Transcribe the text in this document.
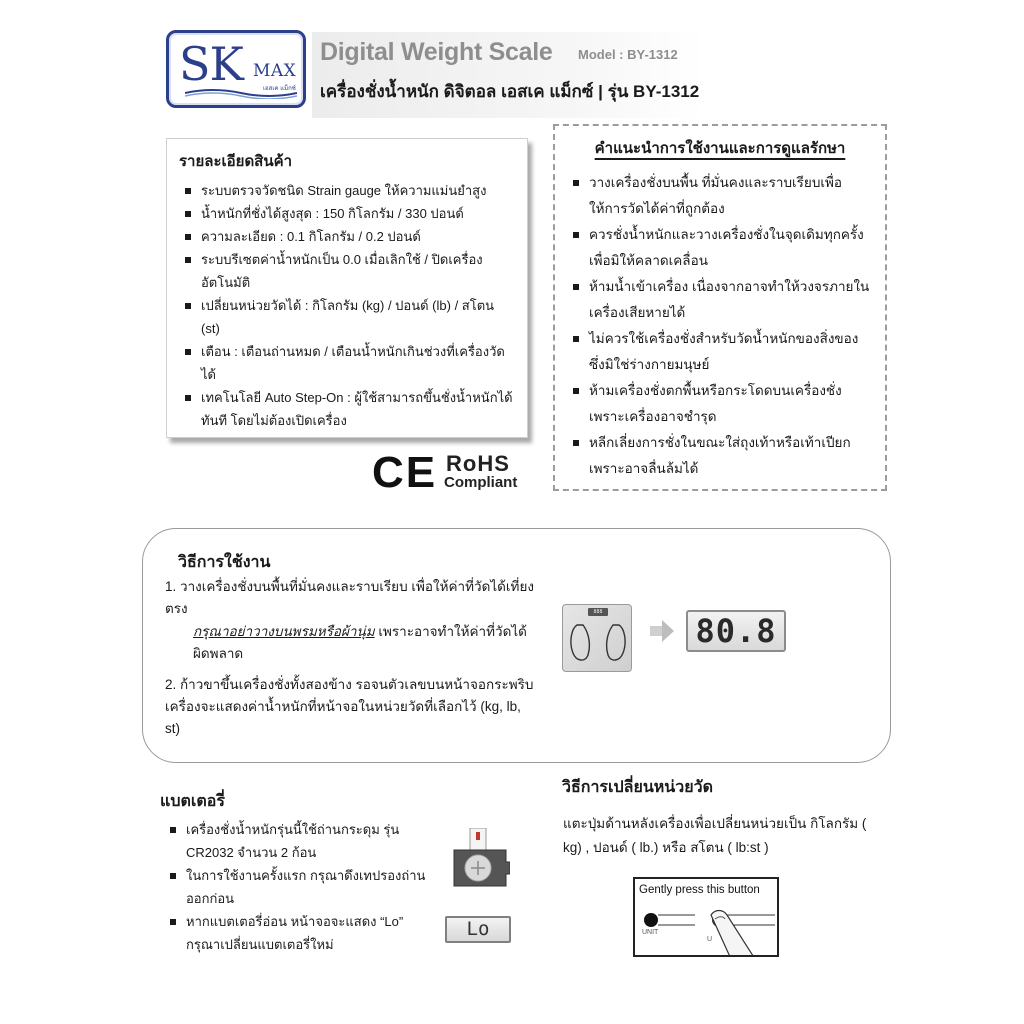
SK MAX
เอสเค แม็กซ์
Digital Weight Scale Model : BY-1312
เครื่องชั่งน้ำหนัก ดิจิตอล เอสเค แม็กซ์ | รุ่น BY-1312
รายละเอียดสินค้า
ระบบตรวจวัดชนิด Strain gauge ให้ความแม่นยำสูง
น้ำหนักที่ชั่งได้สูงสุด : 150 กิโลกรัม / 330 ปอนด์
ความละเอียด : 0.1 กิโลกรัม / 0.2 ปอนด์
ระบบรีเซตค่าน้ำหนักเป็น 0.0 เมื่อเลิกใช้ / ปิดเครื่องอัตโนมัติ
เปลี่ยนหน่วยวัดได้ : กิโลกรัม (kg) / ปอนด์ (lb) / สโตน (st)
เตือน : เตือนถ่านหมด / เตือนน้ำหนักเกินช่วงที่เครื่องวัดได้
เทคโนโลยี Auto Step-On : ผู้ใช้สามารถขึ้นชั่งน้ำหนักได้ทันที โดยไม่ต้องเปิดเครื่อง
คำแนะนำการใช้งานและการดูแลรักษา
วางเครื่องชั่งบนพื้น ที่มั่นคงและราบเรียบเพื่อให้การวัดได้ค่าที่ถูกต้อง
ควรชั่งน้ำหนักและวางเครื่องชั่งในจุดเดิมทุกครั้งเพื่อมิให้คลาดเคลื่อน
ห้ามน้ำเข้าเครื่อง เนื่องจากอาจทำให้วงจรภายในเครื่องเสียหายได้
ไม่ควรใช้เครื่องชั่งสำหรับวัดน้ำหนักของสิ่งของซึ่งมิใช่ร่างกายมนุษย์
ห้ามเครื่องชั่งตกพื้นหรือกระโดดบนเครื่องชั่งเพราะเครื่องอาจชำรุด
หลีกเลี่ยงการชั่งในขณะใส่ถุงเท้าหรือเท้าเปียกเพราะอาจลื่นล้มได้
CE RoHS
Compliant
วิธีการใช้งาน
1. วางเครื่องชั่งบนพื้นที่มั่นคงและราบเรียบ เพื่อให้ค่าที่วัดได้เที่ยงตรง
กรุณาอย่าวางบนพรมหรือผ้านุ่ม เพราะอาจทำให้ค่าที่วัดได้ผิดพลาด
2. ก้าวขาขึ้นเครื่องชั่งทั้งสองข้าง รอจนตัวเลขบนหน้าจอกระพริบ เครื่องจะแสดงค่าน้ำหนักที่หน้าจอในหน่วยวัดที่เลือกไว้ (kg, lb, st)
888	80.8
แบตเตอรี่
เครื่องชั่งน้ำหนักรุ่นนี้ใช้ถ่านกระดุม รุ่น CR2032 จำนวน 2 ก้อน
ในการใช้งานครั้งแรก กรุณาดึงเทปรองถ่านออกก่อน
หากแบตเตอรี่อ่อน หน้าจอจะแสดง “Lo” กรุณาเปลี่ยนแบตเตอรี่ใหม่
Lo
วิธีการเปลี่ยนหน่วยวัด
แตะปุ่มด้านหลังเครื่องเพื่อเปลี่ยนหน่วยเป็น กิโลกรัม ( kg) , ปอนด์ ( lb.) หรือ สโตน ( lb:st )
Gently press this button
U
UNIT
